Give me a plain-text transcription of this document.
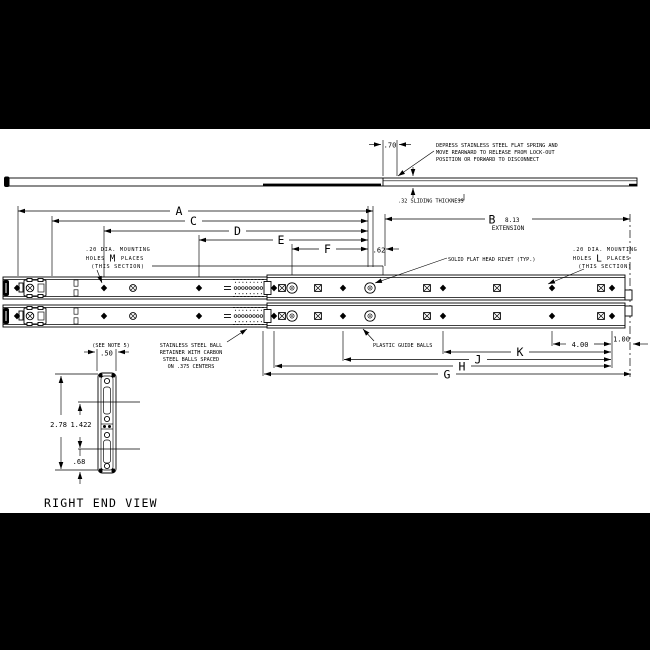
.70	DEPRESS STAINLESS STEEL FLAT SPRING AND
MOVE REARWARD TO RELEASE FROM LOCK-OUT
POSITION OR FORWARD TO DISCONNECT
.32 SLIDING THICKNESS
A
C
D
E
F	.62
B 8.13
EXTENSION
4.00
1.00
K
J
H
G
.20 DIA. MOUNTING
HOLES M PLACES
(THIS SECTION)
.20 DIA. MOUNTING
HOLES L PLACES
(THIS SECTION)
SOLID FLAT HEAD RIVET (TYP.)
PLASTIC GUIDE BALLS
STAINLESS STEEL BALL
RETAINER WITH CARBON
STEEL BALLS SPACED
ON .375 CENTERS
(SEE NOTE 5)
.50
2.78 1.422
.68
RIGHT END VIEW
